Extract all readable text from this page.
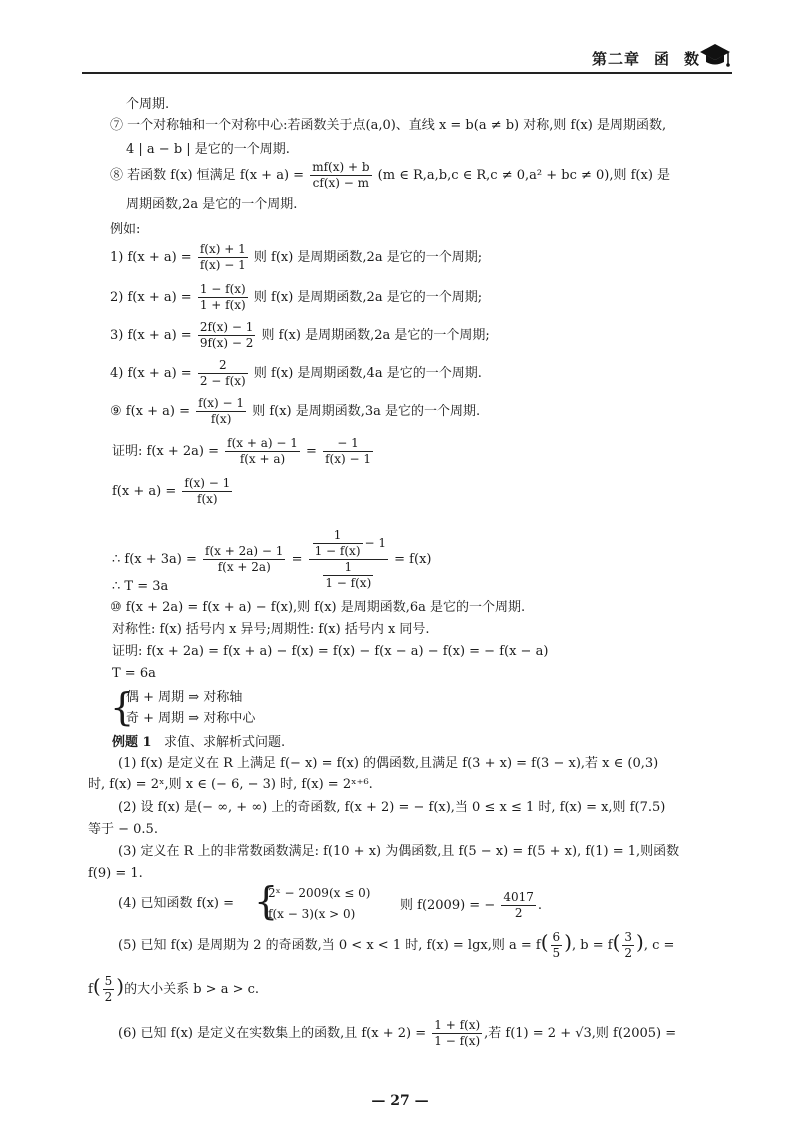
第二章 函 数
个周期.
⑦ 一个对称轴和一个对称中心:若函数关于点(a,0)、直线 x = b(a ≠ b) 对称,则 f(x) 是周期函数,
4 | a − b | 是它的一个周期.
⑧ 若函数 f(x) 恒满足 $f(x + a) = \frac{mf(x) + b}{cf(x) - m} (m$ ∈ R,a,b,c ∈ R,c ≠ 0,a² + bc ≠ 0),则 f(x) 是
周期函数,2a 是它的一个周期.
例如:
1) $f(x + a) = \frac{f(x) + 1}{f(x) - 1}$ 则 f(x) 是周期函数,2a 是它的一个周期;
2) $f(x + a) = \frac{1 - f(x)}{1 + f(x)}$ 则 f(x) 是周期函数,2a 是它的一个周期;
3) $f(x + a) = \frac{2f(x) - 1}{9f(x) - 2}$ 则 f(x) 是周期函数,2a 是它的一个周期;
4) $f(x + a) = \frac{2}{2 - f(x)}$ 则 f(x) 是周期函数,4a 是它的一个周期.
⑨ $f(x + a) = \frac{f(x) - 1}{f(x)}$ 则 f(x) 是周期函数,3a 是它的一个周期.
证明: $f(x + 2a) = \frac{f(x + a) - 1}{f(x + a)} = \frac{- 1}{f(x) - 1}$
$f(x + a) = \frac{f(x) - 1}{f(x)}$
∴ $f(x + 3a) = \frac{f(x + 2a) - 1}{f(x + 2a)} = \frac{\frac{1}{1 - f(x)} - 1}{\frac{1}{1 - f(x)}} = f(x)$
∴ T = 3a
⑩ f(x + 2a) = f(x + a) − f(x),则 f(x) 是周期函数,6a 是它的一个周期.
对称性: f(x) 括号内 x 异号;周期性: f(x) 括号内 x 同号.
证明: f(x + 2a) = f(x + a) − f(x) = f(x) − f(x − a) − f(x) = − f(x − a)
T = 6a
{
偶 + 周期 ⇒ 对称轴
奇 + 周期 ⇒ 对称中心
例题 1 求值、求解析式问题.
(1) f(x) 是定义在 R 上满足 f(− x) = f(x) 的偶函数,且满足 f(3 + x) = f(3 − x),若 x ∈ (0,3)
时, f(x) = 2ˣ,则 x ∈ (− 6, − 3) 时, f(x) = 2ˣ⁺⁶.
(2) 设 f(x) 是(− ∞, + ∞) 上的奇函数, f(x + 2) = − f(x),当 0 ≤ x ≤ 1 时, f(x) = x,则 f(7.5)
等于 − 0.5.
(3) 定义在 R 上的非常数函数满足: f(10 + x) 为偶函数,且 f(5 − x) = f(5 + x), f(1) = 1,则函数
f(9) = 1.
(4) 已知函数 f(x) = {
2ˣ − 2009(x ≤ 0)
f(x − 3)(x > 0)
则 f(2009) = − $\frac{4017}{2}$ .
(5) 已知 f(x) 是周期为 2 的奇函数,当 0 < x < 1 时, f(x) = lgx,则 $a = f( \frac{6}{5}$ ), $b = f( \frac{3}{2}$ ), c =
$f( \frac{5}{2}$ )的大小关系 b > a > c.
(6) 已知 f(x) 是定义在实数集上的函数,且 $f(x + 2) = \frac{1 + f(x)}{1 - f(x)}$ ,若 f(1) = 2 + √3,则 f(2005) =
— 27 —
